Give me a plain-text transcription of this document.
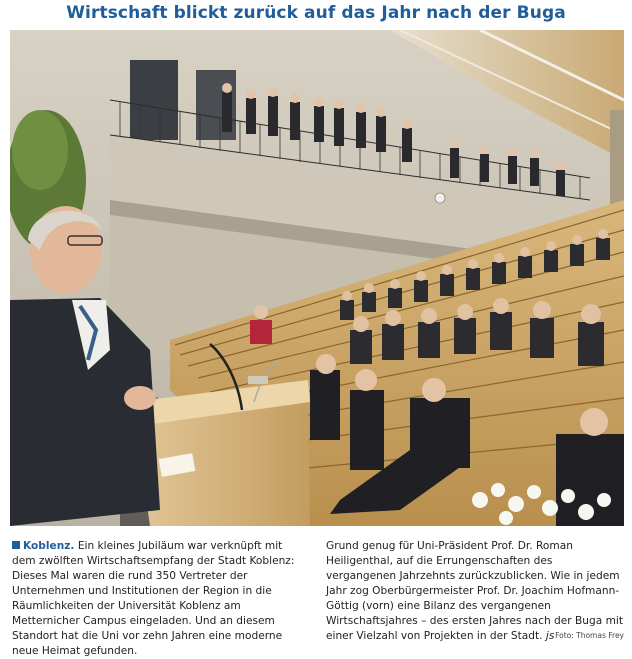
Wirtschaft blickt zurück auf das Jahr nach der Buga
Koblenz. Ein kleines Jubiläum war verknüpft mit dem zwölften Wirtschaftsempfang der Stadt Koblenz: Dieses Mal waren die rund 350 Vertreter der Unternehmen und Institutionen der Region in die Räumlichkeiten der Universität Koblenz am Metternicher Campus eingeladen. Und an diesem Standort hat die Uni vor zehn Jahren eine moderne neue Heimat gefunden.
Grund genug für Uni-Präsident Prof. Dr. Roman Heiligenthal, auf die Errungenschaften des vergangenen Jahrzehnts zurückzublicken. Wie in jedem Jahr zog Oberbürgermeister Prof. Dr. Joachim Hofmann-Göttig (vorn) eine Bilanz des vergangenen Wirtschaftsjahres – des ersten Jahres nach der Buga mit einer Vielzahl von Projekten in der Stadt. js Foto: Thomas Frey
